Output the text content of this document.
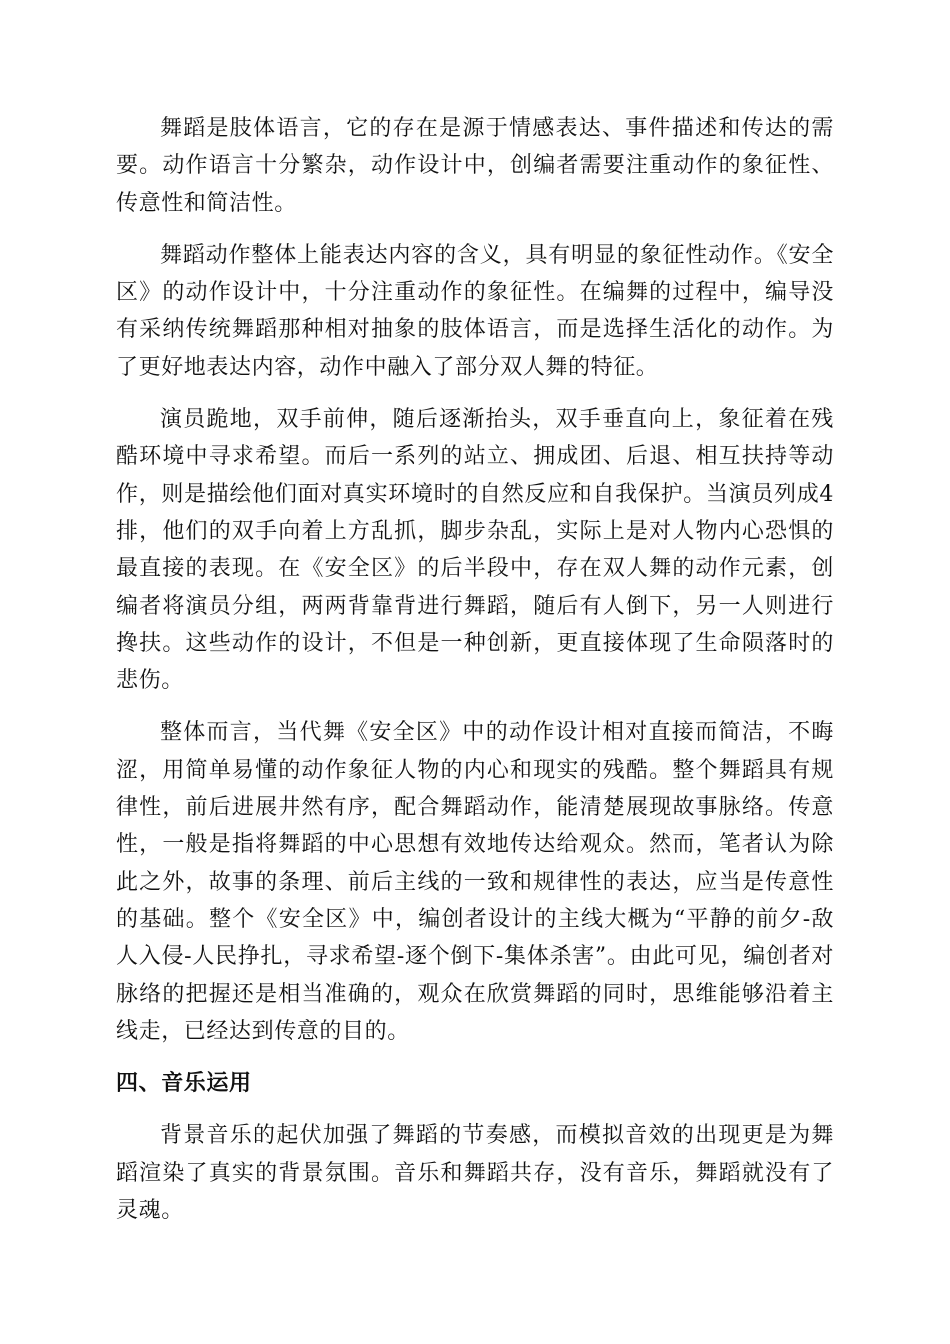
舞蹈是肢体语言，它的存在是源于情感表达、事件描述和传达的需要。动作语言十分繁杂，动作设计中，创编者需要注重动作的象征性、传意性和简洁性。

舞蹈动作整体上能表达内容的含义，具有明显的象征性动作。《安全区》的动作设计中，十分注重动作的象征性。在编舞的过程中，编导没有采纳传统舞蹈那种相对抽象的肢体语言，而是选择生活化的动作。为了更好地表达内容，动作中融入了部分双人舞的特征。

演员跪地，双手前伸，随后逐渐抬头，双手垂直向上，象征着在残酷环境中寻求希望。而后一系列的站立、拥成团、后退、相互扶持等动作，则是描绘他们面对真实环境时的自然反应和自我保护。当演员列成4排，他们的双手向着上方乱抓，脚步杂乱，实际上是对人物内心恐惧的最直接的表现。在《安全区》的后半段中，存在双人舞的动作元素，创编者将演员分组，两两背靠背进行舞蹈，随后有人倒下，另一人则进行搀扶。这些动作的设计，不但是一种创新，更直接体现了生命陨落时的悲伤。

整体而言，当代舞《安全区》中的动作设计相对直接而简洁，不晦涩，用简单易懂的动作象征人物的内心和现实的残酷。整个舞蹈具有规律性，前后进展井然有序，配合舞蹈动作，能清楚展现故事脉络。传意性，一般是指将舞蹈的中心思想有效地传达给观众。然而，笔者认为除此之外，故事的条理、前后主线的一致和规律性的表达，应当是传意性的基础。整个《安全区》中，编创者设计的主线大概为“平静的前夕-敌人入侵-人民挣扎，寻求希望-逐个倒下-集体杀害”。由此可见，编创者对脉络的把握还是相当准确的，观众在欣赏舞蹈的同时，思维能够沿着主线走，已经达到传意的目的。

四、音乐运用

背景音乐的起伏加强了舞蹈的节奏感，而模拟音效的出现更是为舞蹈渲染了真实的背景氛围。音乐和舞蹈共存，没有音乐，舞蹈就没有了灵魂。
